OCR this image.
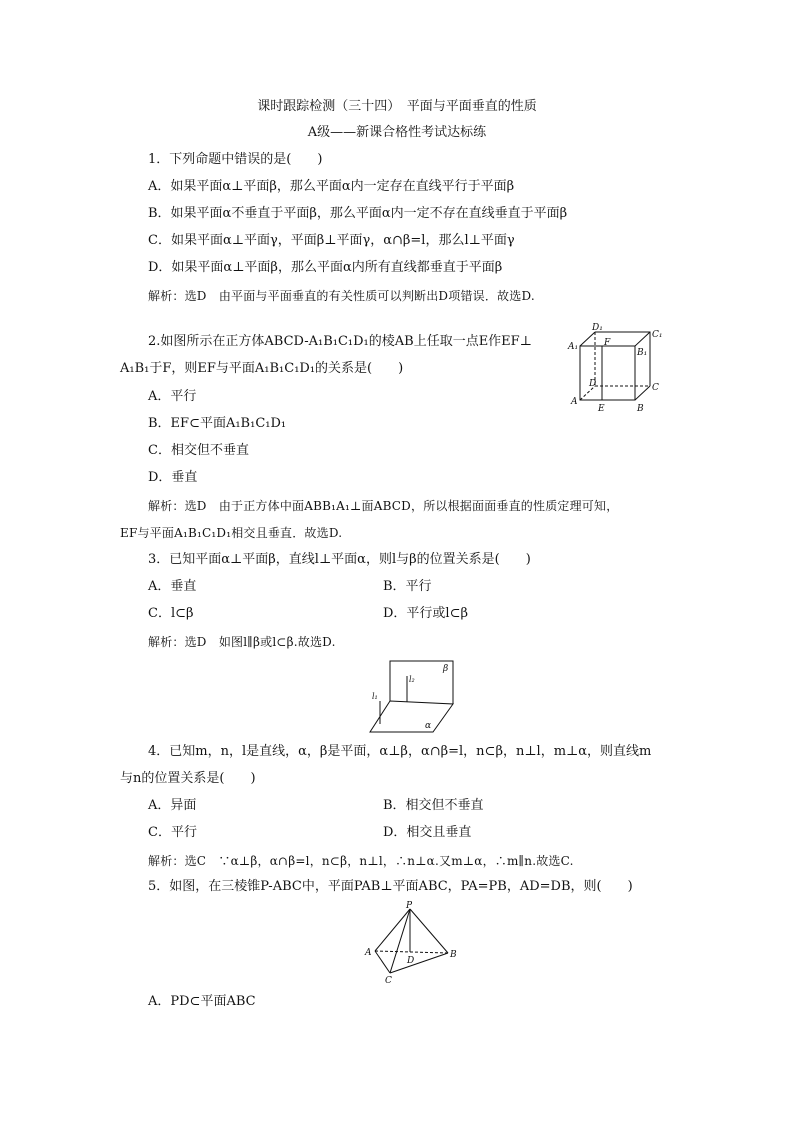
课时跟踪检测（三十四）　平面与平面垂直的性质
A级——新课合格性考试达标练
1．下列命题中错误的是(　　)
A．如果平面α⊥平面β，那么平面α内一定存在直线平行于平面β
B．如果平面α不垂直于平面β，那么平面α内一定不存在直线垂直于平面β
C．如果平面α⊥平面γ，平面β⊥平面γ，α∩β=l，那么l⊥平面γ
D．如果平面α⊥平面β，那么平面α内所有直线都垂直于平面β
解析：选D　由平面与平面垂直的有关性质可以判断出D项错误．故选D.
2.如图所示在正方体ABCD-A₁B₁C₁D₁的棱AB上任取一点E作EF⊥
A₁B₁于F，则EF与平面A₁B₁C₁D₁的关系是(　　)
A．平行
B．EF⊂平面A₁B₁C₁D₁
C．相交但不垂直
D．垂直
解析：选D　由于正方体中面ABB₁A₁⊥面ABCD，所以根据面面垂直的性质定理可知，
EF与平面A₁B₁C₁D₁相交且垂直．故选D.
D₁
C₁
A₁	F
B₁
D	C
A
E	B
3．已知平面α⊥平面β，直线l⊥平面α，则l与β的位置关系是(　　)
A．垂直	B．平行
C．l⊂β	D．平行或l⊂β
解析：选D　如图l∥β或l⊂β.故选D.
β
l₁
l₂
α
4．已知m，n，l是直线，α，β是平面，α⊥β，α∩β=l，n⊂β，n⊥l，m⊥α，则直线m
与n的位置关系是(　　)
A．异面	B．相交但不垂直
C．平行	D．相交且垂直
解析：选C　∵α⊥β，α∩β=l，n⊂β，n⊥l，∴n⊥α.又m⊥α，∴m∥n.故选C.
5．如图，在三棱锥P-ABC中，平面PAB⊥平面ABC，PA=PB，AD=DB，则(　　)
P
A
D
B
C
A．PD⊂平面ABC
